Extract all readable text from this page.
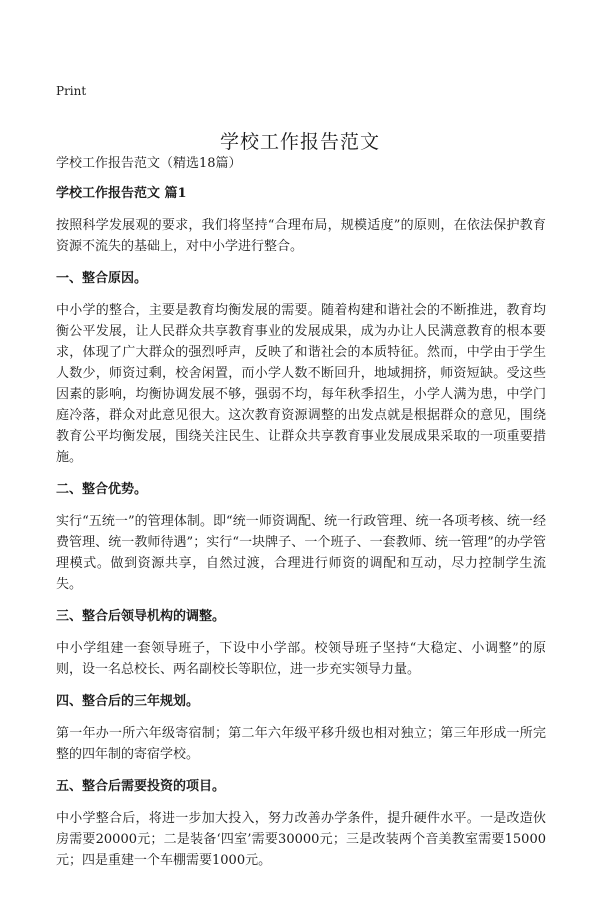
Print
学校工作报告范文
学校工作报告范文（精选18篇）
学校工作报告范文 篇1
按照科学发展观的要求，我们将坚持“合理布局，规模适度”的原则，在依法保护教育资源不流失的基础上，对中小学进行整合。
一、整合原因。
中小学的整合，主要是教育均衡发展的需要。随着构建和谐社会的不断推进，教育均衡公平发展，让人民群众共享教育事业的发展成果，成为办让人民满意教育的根本要求，体现了广大群众的强烈呼声，反映了和谐社会的本质特征。然而，中学由于学生人数少，师资过剩，校舍闲置，而小学人数不断回升，地域拥挤，师资短缺。受这些因素的影响，均衡协调发展不够，强弱不均，每年秋季招生，小学人满为患，中学门庭冷落，群众对此意见很大。这次教育资源调整的出发点就是根据群众的意见，围绕教育公平均衡发展，围绕关注民生、让群众共享教育事业发展成果采取的一项重要措施。
二、整合优势。
实行“五统一”的管理体制。即“统一师资调配、统一行政管理、统一各项考核、统一经费管理、统一教师待遇”；实行“一块牌子、一个班子、一套教师、统一管理”的办学管理模式。做到资源共享，自然过渡，合理进行师资的调配和互动，尽力控制学生流失。
三、整合后领导机构的调整。
中小学组建一套领导班子，下设中小学部。校领导班子坚持“大稳定、小调整”的原则，设一名总校长、两名副校长等职位，进一步充实领导力量。
四、整合后的三年规划。
第一年办一所六年级寄宿制；第二年六年级平移升级也相对独立；第三年形成一所完整的四年制的寄宿学校。
五、整合后需要投资的项目。
中小学整合后，将进一步加大投入，努力改善办学条件，提升硬件水平。一是改造伙房需要20000元；二是装备‘四室’需要30000元；三是改装两个音美教室需要15000元；四是重建一个车棚需要1000元。
